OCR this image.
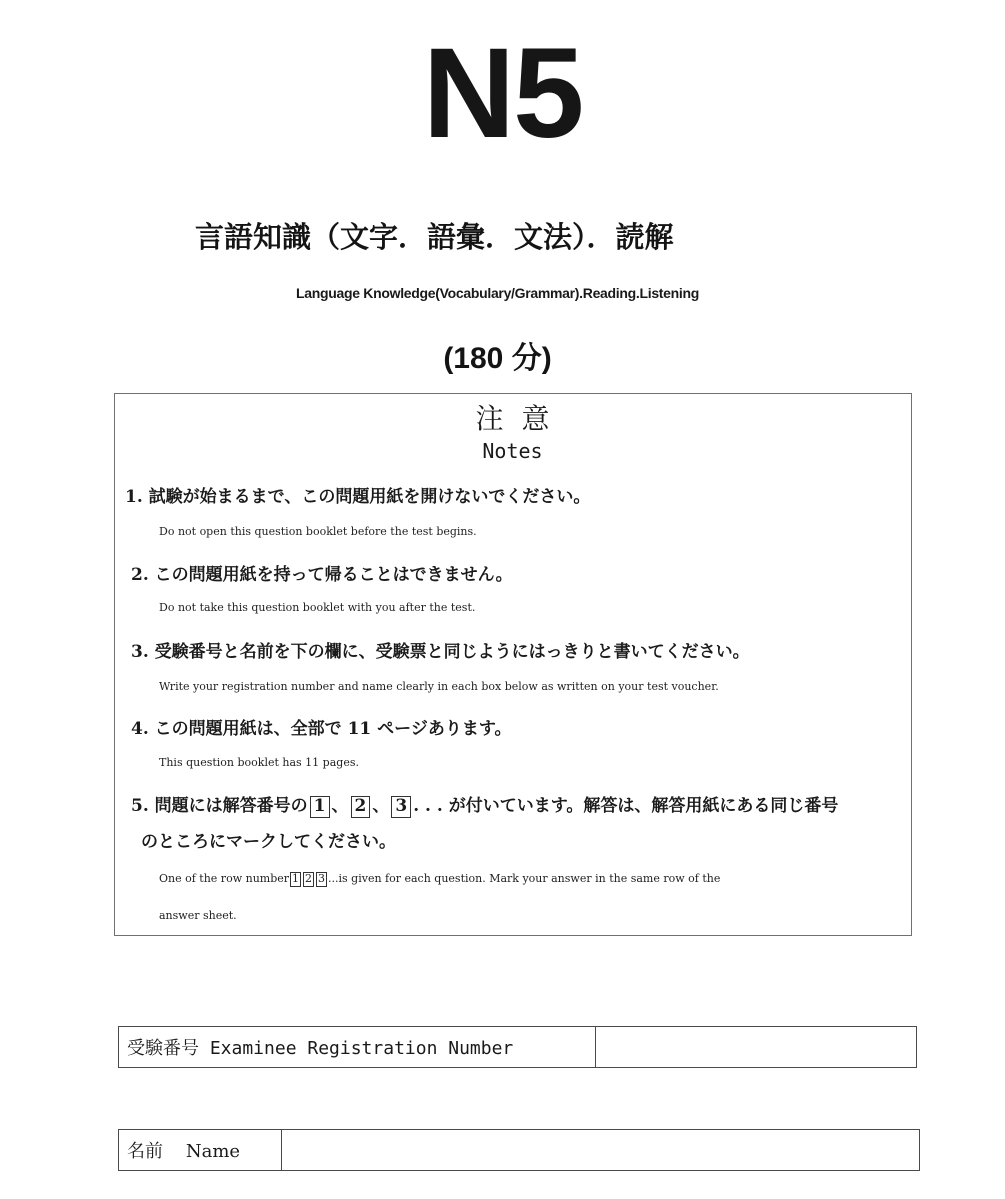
N5
言語知識（文字．語彙．文法）．読解
Language Knowledge(Vocabulary/Grammar).Reading.Listening
(180 分)
注意
Notes
1. 試験が始まるまで、この問題用紙を開けないでください。
Do not open this question booklet before the test begins.
2. この問題用紙を持って帰ることはできません。
Do not take this question booklet with you after the test.
3. 受験番号と名前を下の欄に、受験票と同じようにはっきりと書いてください。
Write your registration number and name clearly in each box below as written on your test voucher.
4. この問題用紙は、全部で 11 ページあります。
This question booklet has 11 pages.
5. 問題には解答番号の 1 、 2 、 3 . . . が付いています。解答は、解答用紙にある同じ番号
のところにマークしてください。
One of the row number 1 2 3 ...is given for each question. Mark your answer in the same row of the
answer sheet.
受験番号 Examinee Registration Number
名前    Name
